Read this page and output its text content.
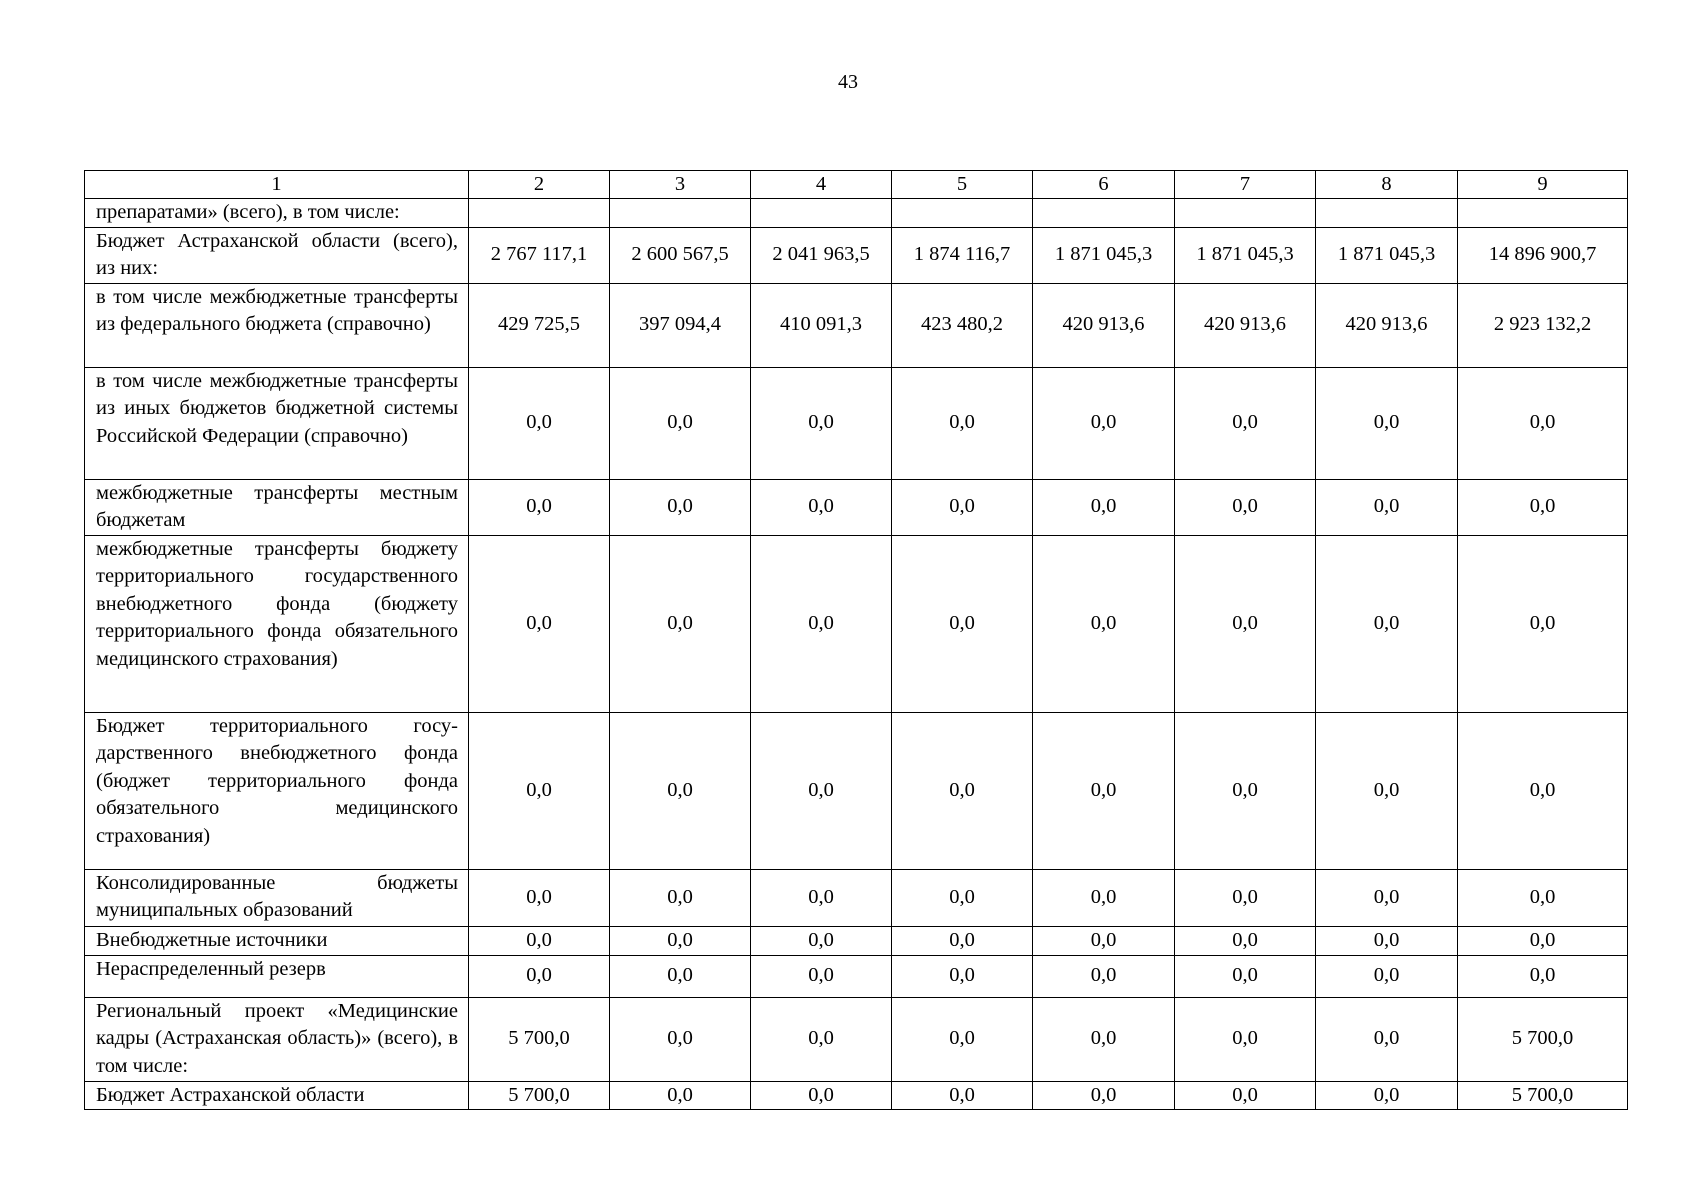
43
1	2	3	4	5	6	7	8	9
препаратами» (всего), в том числе:								
Бюджет Астраханской области (всего), из них:	2 767 117,1	2 600 567,5	2 041 963,5	1 874 116,7	1 871 045,3	1 871 045,3	1 871 045,3	14 896 900,7
в том числе межбюджетные трансферты из федерального бюджета (справочно)	429 725,5	397 094,4	410 091,3	423 480,2	420 913,6	420 913,6	420 913,6	2 923 132,2
в том числе межбюджетные трансферты из иных бюджетов бюджетной системы Российской Федерации (справочно)	0,0	0,0	0,0	0,0	0,0	0,0	0,0	0,0
межбюджетные трансферты местным бюджетам	0,0	0,0	0,0	0,0	0,0	0,0	0,0	0,0
межбюджетные трансферты бюджету территориального государственного внебюджетного фонда (бюджету территориального фонда обязательного медицинского страхования)	0,0	0,0	0,0	0,0	0,0	0,0	0,0	0,0
Бюджет территориального государственного внебюджетного фонда (бюджет территориального фонда обязательного медицинского страхования)	0,0	0,0	0,0	0,0	0,0	0,0	0,0	0,0
Консолидированные бюджеты муниципальных образований	0,0	0,0	0,0	0,0	0,0	0,0	0,0	0,0
Внебюджетные источники	0,0	0,0	0,0	0,0	0,0	0,0	0,0	0,0
Нераспределенный резерв	0,0	0,0	0,0	0,0	0,0	0,0	0,0	0,0
Региональный проект «Медицинские кадры (Астраханская область)» (всего), в том числе:	5 700,0	0,0	0,0	0,0	0,0	0,0	0,0	5 700,0
Бюджет Астраханской области	5 700,0	0,0	0,0	0,0	0,0	0,0	0,0	5 700,0
